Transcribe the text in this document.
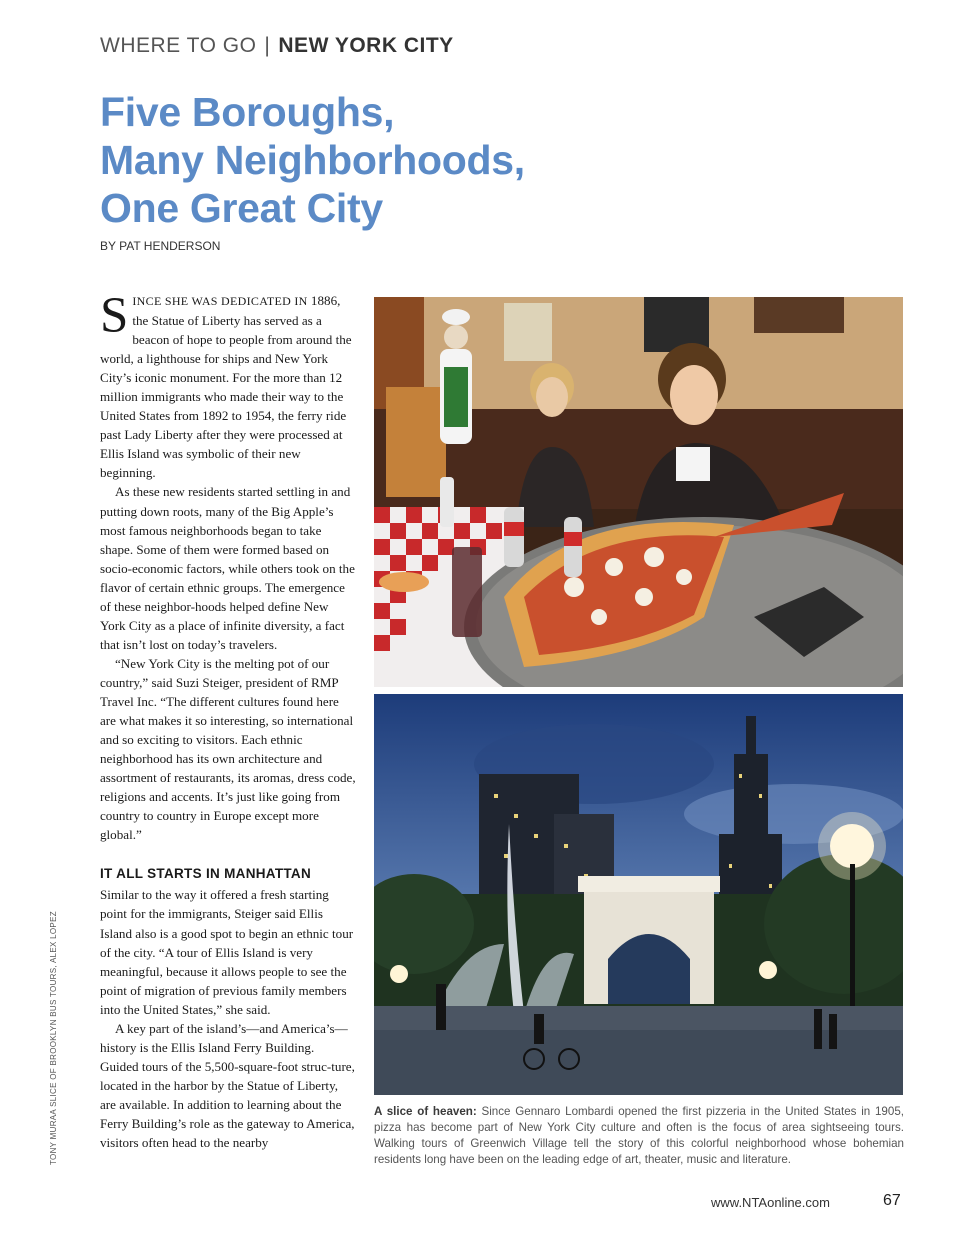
WHERE TO GO | NEW YORK CITY
Five Boroughs,
Many Neighborhoods,
One Great City
BY PAT HENDERSON

SINCE SHE WAS DEDICATED IN 1886, the Statue of Liberty has served as a beacon of hope to people from around the world, a lighthouse for ships and New York City’s iconic monument. For the more than 12 million immigrants who made their way to the United States from 1892 to 1954, the ferry ride past Lady Liberty after they were processed at Ellis Island was symbolic of their new beginning.

As these new residents started settling in and putting down roots, many of the Big Apple’s most famous neighborhoods began to take shape. Some of them were formed based on socio-economic factors, while others took on the flavor of certain ethnic groups. The emergence of these neighbor-hoods helped define New York City as a place of infinite diversity, a fact that isn’t lost on today’s travelers.

“New York City is the melting pot of our country,” said Suzi Steiger, president of RMP Travel Inc. “The different cultures found here are what makes it so interesting, so international and so exciting to visitors. Each ethnic neighborhood has its own architecture and assortment of restaurants, its aromas, dress code, religions and accents. It’s just like going from country to country in Europe except more global.”

IT ALL STARTS IN MANHATTAN

Similar to the way it offered a fresh starting point for the immigrants, Steiger said Ellis Island also is a good spot to begin an ethnic tour of the city. “A tour of Ellis Island is very meaningful, because it allows people to see the point of migration of previous family members into the United States,” she said.

A key part of the island’s—and America’s—history is the Ellis Island Ferry Building. Guided tours of the 5,500-square-foot struc-ture, located in the harbor by the Statue of Liberty, are available. In addition to learning about the Ferry Building’s role as the gateway to America, visitors often head to the nearby

TONY MURAA SLICE OF BROOKLYN BUS TOURS, ALEX LOPEZ	A slice of heaven: Since Gennaro Lombardi opened the first pizzeria in the United States in 1905, pizza has become part of New York City culture and often is the focus of area sightseeing tours. Walking tours of Greenwich Village tell the story of this colorful neighborhood whose bohemian residents long have been on the leading edge of art, theater, music and literature.
www.NTAonline.com	67
